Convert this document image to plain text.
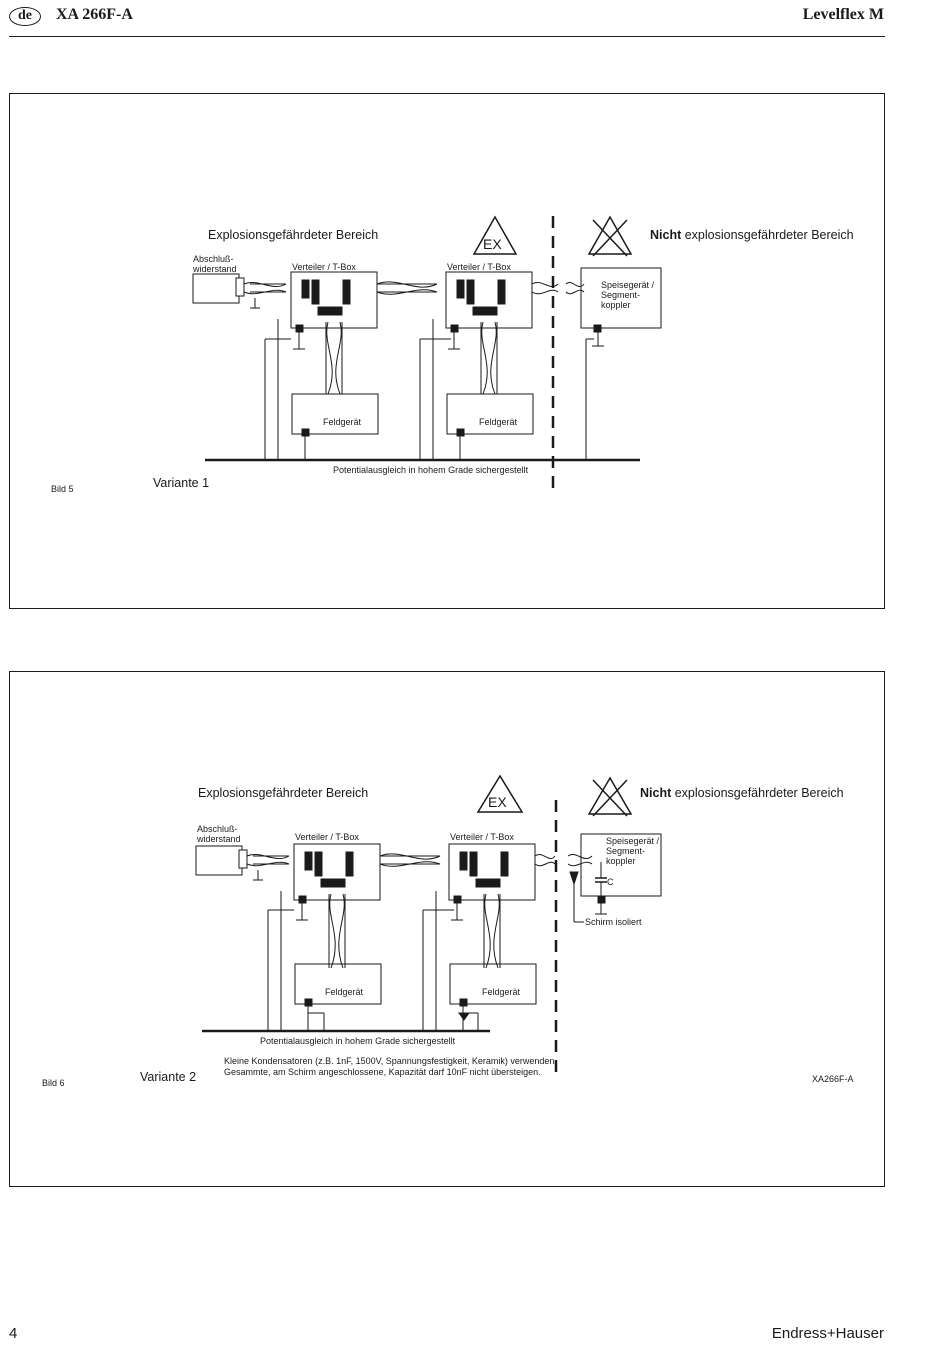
de	XA 266F-A	Levelflex M
Explosionsgefährdeter Bereich
EX
Nicht explosionsgefährdeter Bereich
Abschluß-
widerstand	Verteiler / T-Box	Verteiler / T-Box
Speisegerät /
Segment-
koppler
Feldgerät	Feldgerät
Potentialausgleich in hohem Grade sichergestellt
Bild 5	Variante 1
Explosionsgefährdeter Bereich
EX
Nicht explosionsgefährdeter Bereich
Abschluß-
widerstand	Verteiler / T-Box	Verteiler / T-Box	Speisegerät /
Segment-
koppler
C
Schirm isoliert
Feldgerät	Feldgerät
Potentialausgleich in hohem Grade sichergestellt
Kleine Kondensatoren (z.B. 1nF, 1500V, Spannungsfestigkeit, Keramik) verwenden.
Gesammte, am Schirm angeschlossene, Kapazität darf 10nF nicht übersteigen.
Bild 6	Variante 2	XA266F-A
4	Endress+Hauser
